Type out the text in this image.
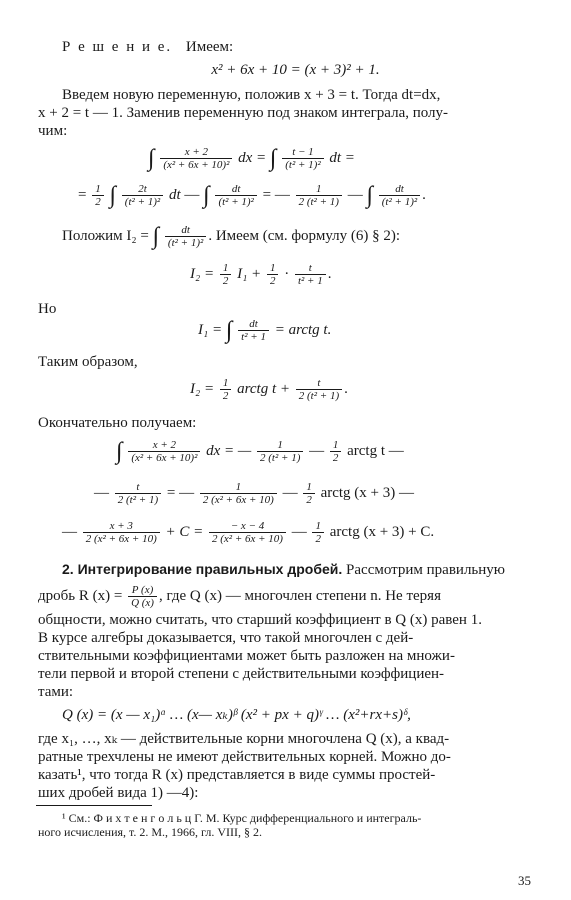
Р е ш е н и е. Имеем:
x² + 6x + 10 = (x + 3)² + 1.
Введем новую переменную, положив x + 3 = t. Тогда dt=dx,
x + 2 = t — 1. Заменив переменную под знаком интеграла, полу-
чим:
∫ $\frac{x + 2}{\text{(x² + 6x + 10)²}}$ dx = ∫ $\frac{t - 1}{\text{(t² + 1)²}}$ dt =
= $\frac{1}{2}$ ∫ $\frac{2t}{\text{(t² + 1)²}}$ dt — ∫ $\frac{dt}{\text{(t² + 1)²}}$ = — $\frac{1}{\text{2 (t² + 1)}}$ — ∫ $\frac{dt}{\text{(t² + 1)²}}$ .
Положим I₂ = ∫ $\frac{dt}{\text{(t² + 1)²}}$ . Имеем (см. формулу (6) § 2):
$I_2 = \frac{1}{2} I_1 + \frac{1}{2} \cdot \frac{t}{\text{t² + 1}}$ .
Но
I₁ = ∫ $\frac{dt}{\text{t² + 1}}$ = arctg t.
Таким образом,
$I_2 = \frac{1}{2}$ arctg $t + \frac{t}{\text{2 (t² + 1)}}$ .
Окончательно получаем:
∫ $\frac{x + 2}{\text{(x² + 6x + 10)²}}$ dx = — $\frac{1}{\text{2 (t² + 1)}}$ — $\frac{1}{2}$ arctg t —
— $\frac{t}{\text{2 (t² + 1)}}$ = — $\frac{1}{\text{2 (x² + 6x + 10)}}$ — $\frac{1}{2}$ arctg (x + 3) —
— $\frac{x + 3}{\text{2 (x² + 6x + 10)}} + C = \frac{- x - 4}{\text{2 (x² + 6x + 10)}}$ — $\frac{1}{2}$ arctg (x + 3) + C.
2. Интегрирование правильных дробей. Рассмотрим правильную
дробь R $(x) = \frac{P (x)}{Q (x)}$ , где Q (x) — многочлен степени n. Не теряя
общности, можно считать, что старший коэффициент в Q (x) равен 1.
В курсе алгебры доказывается, что такой многочлен с дей-
ствительными коэффициентами может быть разложен на множи-
тели первой и второй степени с действительными коэффициен-
тами:
Q (x) = (x — x₁)ᵅ … (x— xₖ)ᵝ (x² + px + q)ᵞ … (x²+rx+s)ᵟ,
где x₁, …, xₖ — действительные корни многочлена Q (x), а квад-
ратные трехчлены не имеют действительных корней. Можно до-
казать¹, что тогда R (x) представляется в виде суммы простей-
ших дробей вида 1) —4):
¹ См.: Ф и х т е н г о л ь ц Г. М. Курс дифференциального и интеграль-
ного исчисления, т. 2. М., 1966, гл. VIII, § 2.
35
